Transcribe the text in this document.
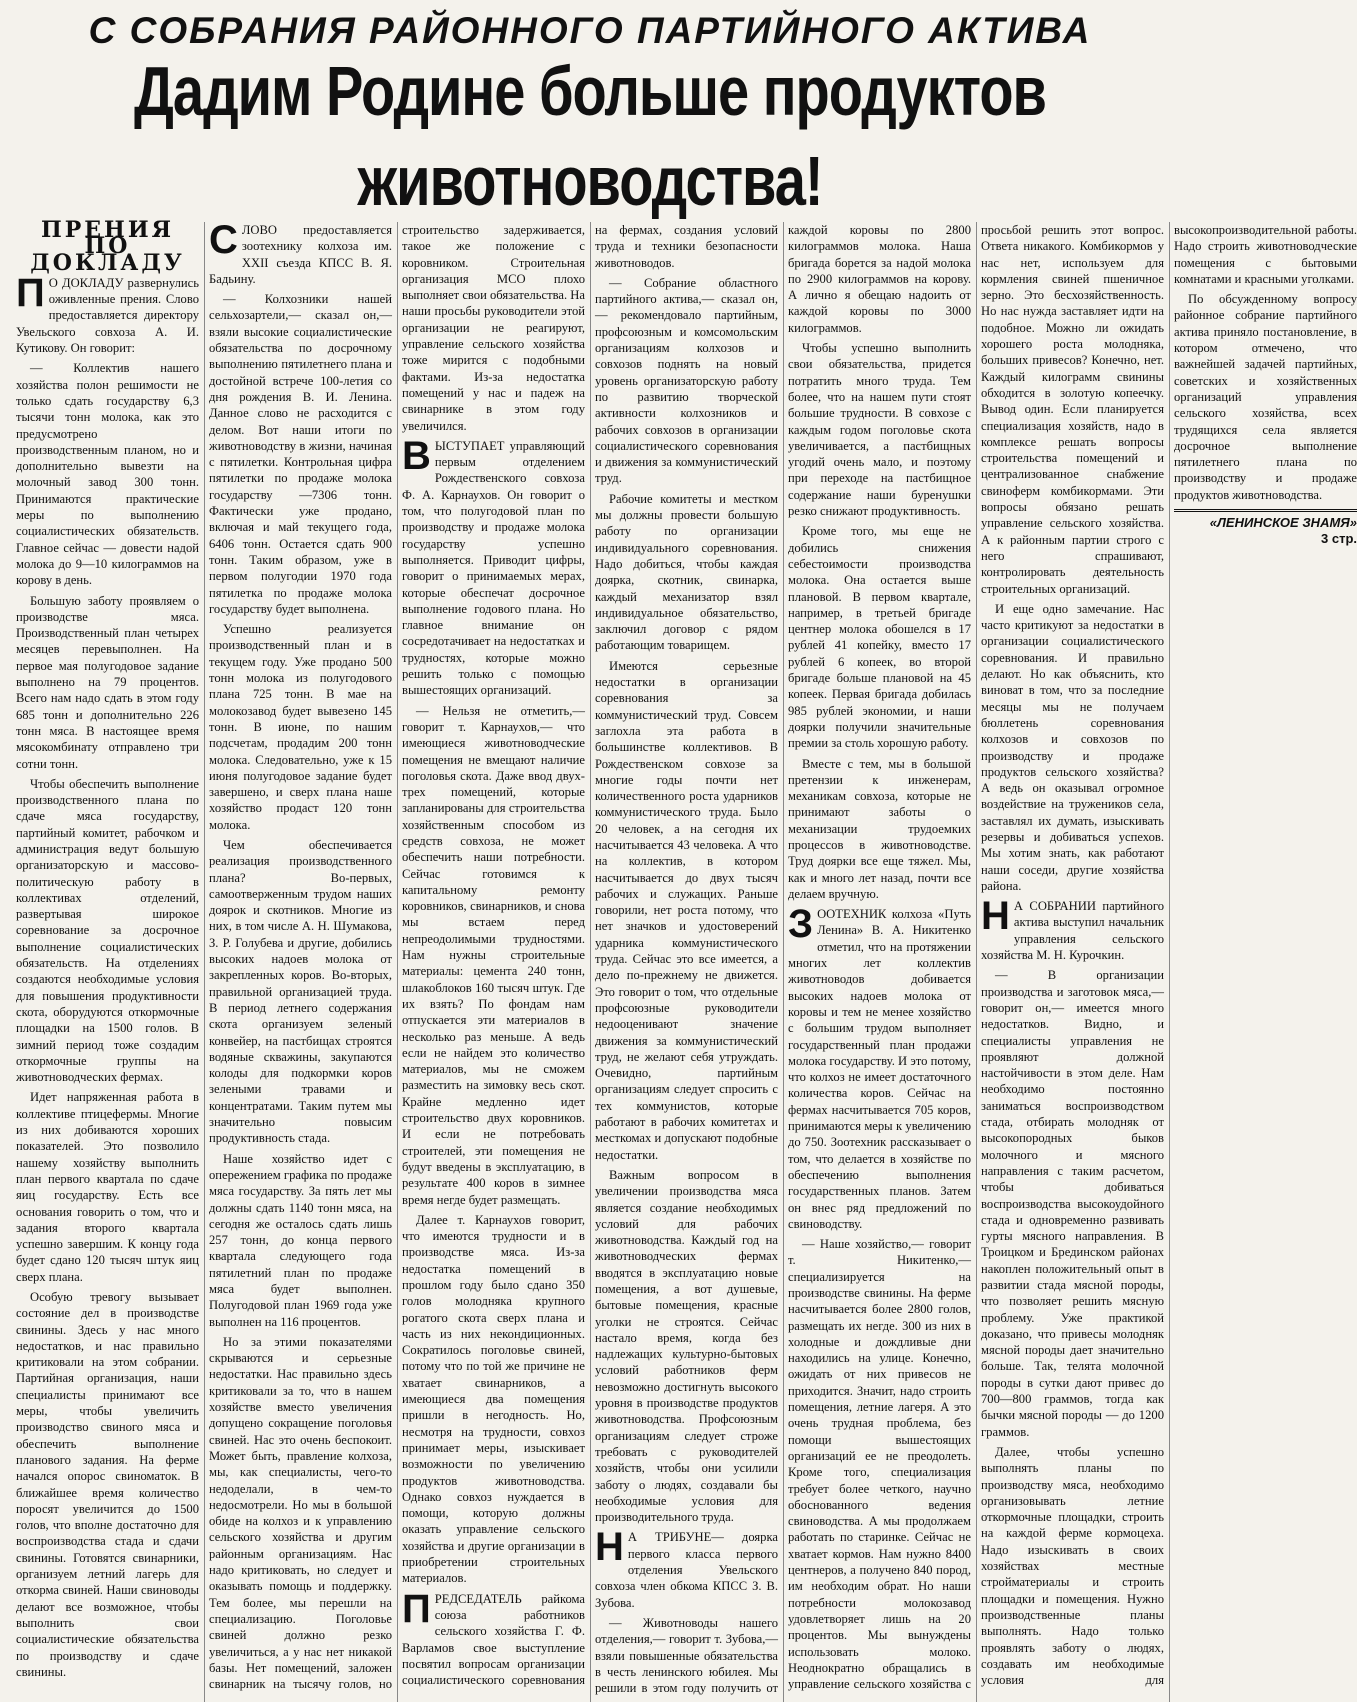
С СОБРАНИЯ РАЙОННОГО ПАРТИЙНОГО АКТИВА
Дадим Родине больше продуктов животноводства!
ПРЕНИЯ ПО ДОКЛАДУ

П О ДОКЛАДУ развернулись оживленные прения. Слово предоставляется директору Увельского совхоза А. И. Кутикову. Он говорит:

— Коллектив нашего хозяйства полон решимости не только сдать государству 6,3 тысячи тонн молока, как это предусмотрено производственным планом, но и дополнительно вывезти на молочный завод 300 тонн. Принимаются практические меры по выполнению социалистических обязательств. Главное сейчас — довести надой молока до 9—10 килограммов на корову в день.

Большую заботу проявляем о производстве мяса. Производственный план четырех месяцев перевыполнен. На первое мая полугодовое задание выполнено на 79 процентов. Всего нам надо сдать в этом году 685 тонн и дополнительно 226 тонн мяса. В настоящее время мясокомбинату отправлено три сотни тонн.

Чтобы обеспечить выполнение производственного плана по сдаче мяса государству, партийный комитет, рабочком и администрация ведут большую организаторскую и массово-политическую работу в коллективах отделений, развертывая широкое соревнование за досрочное выполнение социалистических обязательств. На отделениях создаются необходимые условия для повышения продуктивности скота, оборудуются откормочные площадки на 1500 голов. В зимний период тоже создадим откормочные группы на животноводческих фермах.

Идет напряженная работа в коллективе птицефермы. Многие из них добиваются хороших показателей. Это позволило нашему хозяйству выполнить план первого квартала по сдаче яиц государству. Есть все основания говорить о том, что и задания второго квартала успешно завершим. К концу года будет сдано 120 тысяч штук яиц сверх плана.

Особую тревогу вызывает состояние дел в производстве свинины. Здесь у нас много недостатков, и нас правильно критиковали на этом собрании. Партийная организация, наши специалисты принимают все меры, чтобы увеличить производство свиного мяса и обеспечить выполнение планового задания. На ферме начался опорос свиноматок. В ближайшее время количество поросят увеличится до 1500 голов, что вполне достаточно для воспроизводства стада и сдачи свинины. Готовятся свинарники, организуем летний лагерь для откорма свиней. Наши свиноводы делают все возможное, чтобы выполнить свои социалистические обязательства по производству и сдаче свинины.

СЛОВО предоставляется зоотехнику колхоза им. XXII съезда КПСС В. Я. Бадьину.

— Колхозники нашей сельхозартели,— сказал он,— взяли высокие социалистические обязательства по досрочному выполнению пятилетнего плана и достойной встрече 100-летия со дня рождения В. И. Ленина. Данное слово не расходится с делом. Вот наши итоги по животноводству в жизни, начиная с пятилетки. Контрольная цифра пятилетки по продаже молока государству —7306 тонн. Фактически уже продано, включая и май текущего года, 6406 тонн. Остается сдать 900 тонн. Таким образом, уже в первом полугодии 1970 года пятилетка по продаже молока государству будет выполнена.

Успешно реализуется производственный план и в текущем году. Уже продано 500 тонн молока из полугодового плана 725 тонн. В мае на молокозавод будет вывезено 145 тонн. В июне, по нашим подсчетам, продадим 200 тонн молока. Следовательно, уже к 15 июня полугодовое задание будет завершено, и сверх плана наше хозяйство продаст 120 тонн молока.

Чем обеспечивается реализация производственного плана? Во-первых, самоотверженным трудом наших доярок и скотников. Многие из них, в том числе А. Н. Шумакова, З. Р. Голубева и другие, добились высоких надоев молока от закрепленных коров. Во-вторых, правильной организацией труда. В период летнего содержания скота организуем зеленый конвейер, на пастбищах строятся водяные скважины, закупаются колоды для подкормки коров зелеными травами и концентратами. Таким путем мы значительно повысим продуктивность стада.

Наше хозяйство идет с опережением графика по продаже мяса государству. За пять лет мы должны сдать 1140 тонн мяса, на сегодня же осталось сдать лишь 257 тонн, до конца первого квартала следующего года пятилетний план по продаже мяса будет выполнен. Полугодовой план 1969 года уже выполнен на 116 процентов.

Но за этими показателями скрываются и серьезные недостатки. Нас правильно здесь критиковали за то, что в нашем хозяйстве вместо увеличения допущено сокращение поголовья свиней. Нас это очень беспокоит. Может быть, правление колхоза, мы, как специалисты, чего-то недоделали, в чем-то недосмотрели. Но мы в большой обиде на колхоз и к управлению сельского хозяйства и другим районным организациям. Нас надо критиковать, но следует и оказывать помощь и поддержку. Тем более, мы перешли на специализацию. Поголовье свиней должно резко увеличиться, а у нас нет никакой базы. Нет помещений, заложен свинарник на тысячу голов, но строительство задерживается, такое же положение с коровником. Строительная организация МСО плохо выполняет свои обязательства. На наши просьбы руководители этой организации не реагируют, управление сельского хозяйства тоже мирится с подобными фактами. Из-за недостатка помещений у нас и падеж на свинарнике в этом году увеличился.

ВЫСТУПАЕТ управляющий первым отделением Рождественского совхоза Ф. А. Карнаухов. Он говорит о том, что полугодовой план по производству и продаже молока государству успешно выполняется. Приводит цифры, говорит о принимаемых мерах, которые обеспечат досрочное выполнение годового плана. Но главное внимание он сосредотачивает на недостатках и трудностях, которые можно решить только с помощью вышестоящих организаций.

— Нельзя не отметить,— говорит т. Карнаухов,— что имеющиеся животноводческие помещения не вмещают наличие поголовья скота. Даже ввод двух-трех помещений, которые запланированы для строительства хозяйственным способом из средств совхоза, не может обеспечить наши потребности. Сейчас готовимся к капитальному ремонту коровников, свинарников, и снова мы встаем перед непреодолимыми трудностями. Нам нужны строительные материалы: цемента 240 тонн, шлакоблоков 160 тысяч штук. Где их взять? По фондам нам отпускается эти материалов в несколько раз меньше. А ведь если не найдем это количество материалов, мы не сможем разместить на зимовку весь скот. Крайне медленно идет строительство двух коровников. И если не потребовать строителей, эти помещения не будут введены в эксплуатацию, в результате 400 коров в зимнее время негде будет размещать.

Далее т. Карнаухов говорит, что имеются трудности и в производстве мяса. Из-за недостатка помещений в прошлом году было сдано 350 голов молодняка крупного рогатого скота сверх плана и часть из них некондиционных. Сократилось поголовье свиней, потому что по той же причине не хватает свинарников, а имеющиеся два помещения пришли в негодность. Но, несмотря на трудности, совхоз принимает меры, изыскивает возможности по увеличению продуктов животноводства. Однако совхоз нуждается в помощи, которую должны оказать управление сельского хозяйства и другие организации в приобретении строительных материалов.

ПРЕДСЕДАТЕЛЬ райкома союза работников сельского хозяйства Г. Ф. Варламов свое выступление посвятил вопросам организации социалистического соревнования на фермах, создания условий труда и техники безопасности животноводов.

— Собрание областного партийного актива,— сказал он,— рекомендовало партийным, профсоюзным и комсомольским организациям колхозов и совхозов поднять на новый уровень организаторскую работу по развитию творческой активности колхозников и рабочих совхозов в организации социалистического соревнования и движения за коммунистический труд.

Рабочие комитеты и местком мы должны провести большую работу по организации индивидуального соревнования. Надо добиться, чтобы каждая доярка, скотник, свинарка, каждый механизатор взял индивидуальное обязательство, заключил договор с рядом работающим товарищем.

Имеются серьезные недостатки в организации соревнования за коммунистический труд. Совсем заглохла эта работа в большинстве коллективов. В Рождественском совхозе за многие годы почти нет количественного роста ударников коммунистического труда. Было 20 человек, а на сегодня их насчитывается 43 человека. А что на коллектив, в котором насчитывается до двух тысяч рабочих и служащих. Раньше говорили, нет роста потому, что нет значков и удостоверений ударника коммунистического труда. Сейчас это все имеется, а дело по-прежнему не движется. Это говорит о том, что отдельные профсоюзные руководители недооценивают значение движения за коммунистический труд, не желают себя утруждать. Очевидно, партийным организациям следует спросить с тех коммунистов, которые работают в рабочих комитетах и месткомах и допускают подобные недостатки.

Важным вопросом в увеличении производства мяса является создание необходимых условий для рабочих животноводства. Каждый год на животноводческих фермах вводятся в эксплуатацию новые помещения, а вот душевые, бытовые помещения, красные уголки не строятся. Сейчас настало время, когда без надлежащих культурно-бытовых условий работников ферм невозможно достигнуть высокого уровня в производстве продуктов животноводства. Профсоюзным организациям следует строже требовать с руководителей хозяйств, чтобы они усилили заботу о людях, создавали бы необходимые условия для производительного труда.

Н А ТРИБУНЕ— доярка первого класса первого отделения Увельского совхоза член обкома КПСС З. В. Зубова.

— Животноводы нашего отделения,— говорит т. Зубова,— взяли повышенные обязательства в честь ленинского юбилея. Мы решили в этом году получить от каждой коровы по 2800 килограммов молока. Наша бригада борется за надой молока по 2900 килограммов на корову. А лично я обещаю надоить от каждой коровы по 3000 килограммов.

Чтобы успешно выполнить свои обязательства, придется потратить много труда. Тем более, что на нашем пути стоят большие трудности. В совхозе с каждым годом поголовье скота увеличивается, а пастбищных угодий очень мало, и поэтому при переходе на пастбищное содержание наши буренушки резко снижают продуктивность.

Кроме того, мы еще не добились снижения себестоимости производства молока. Она остается выше плановой. В первом квартале, например, в третьей бригаде центнер молока обошелся в 17 рублей 41 копейку, вместо 17 рублей 6 копеек, во второй бригаде больше плановой на 45 копеек. Первая бригада добилась 985 рублей экономии, и наши доярки получили значительные премии за столь хорошую работу.

Вместе с тем, мы в большой претензии к инженерам, механикам совхоза, которые не принимают заботы о механизации трудоемких процессов в животноводстве. Труд доярки все еще тяжел. Мы, как и много лет назад, почти все делаем вручную.

ЗООТЕХНИК колхоза «Путь Ленина» В. А. Никитенко отметил, что на протяжении многих лет коллектив животноводов добивается высоких надоев молока от коровы и тем не менее хозяйство с большим трудом выполняет государственный план продажи молока государству. И это потому, что колхоз не имеет достаточного количества коров. Сейчас на фермах насчитывается 705 коров, принимаются меры к увеличению до 750. Зоотехник рассказывает о том, что делается в хозяйстве по обеспечению выполнения государственных планов. Затем он внес ряд предложений по свиноводству.

— Наше хозяйство,— говорит т. Никитенко,— специализируется на производстве свинины. На ферме насчитывается более 2800 голов, размещать их негде. 300 из них в холодные и дождливые дни находились на улице. Конечно, ожидать от них привесов не приходится. Значит, надо строить помещения, летние лагеря. А это очень трудная проблема, без помощи вышестоящих организаций ее не преодолеть. Кроме того, специализация требует более четкого, научно обоснованного ведения свиноводства. А мы продолжаем работать по старинке. Сейчас не хватает кормов. Нам нужно 8400 центнеров, а получено 840 пород, им необходим обрат. Но наши потребности молокозавод удовлетворяет лишь на 20 процентов. Мы вынуждены использовать молоко. Неоднократно обращались в управление сельского хозяйства с просьбой решить этот вопрос. Ответа никакого. Комбикормов у нас нет, используем для кормления свиней пшеничное зерно. Это бесхозяйственность. Но нас нужда заставляет идти на подобное. Можно ли ожидать хорошего роста молодняка, больших привесов? Конечно, нет. Каждый килограмм свинины обходится в золотую копеечку. Вывод один. Если планируется специализация хозяйств, надо в комплексе решать вопросы строительства помещений и централизованное снабжение свиноферм комбикормами. Эти вопросы обязано решать управление сельского хозяйства. А к районным партии строго с него спрашивают, контролировать деятельность строительных организаций.

И еще одно замечание. Нас часто критикуют за недостатки в организации социалистического соревнования. И правильно делают. Но как объяснить, кто виноват в том, что за последние месяцы мы не получаем бюллетень соревнования колхозов и совхозов по производству и продаже продуктов сельского хозяйства? А ведь он оказывал огромное воздействие на тружеников села, заставлял их думать, изыскивать резервы и добиваться успехов. Мы хотим знать, как работают наши соседи, другие хозяйства района.

Н А СОБРАНИИ партийного актива выступил начальник управления сельского хозяйства М. Н. Курочкин.

— В организации производства и заготовок мяса,— говорит он,— имеется много недостатков. Видно, и специалисты управления не проявляют должной настойчивости в этом деле. Нам необходимо постоянно заниматься воспроизводством стада, отбирать молодняк от высокопородных быков молочного и мясного направления с таким расчетом, чтобы добиваться воспроизводства высокоудойного стада и одновременно развивать гурты мясного направления. В Троицком и Брединском районах накоплен положительный опыт в развитии стада мясной породы, что позволяет решить мясную проблему. Уже практикой доказано, что привесы молодняк мясной породы дает значительно больше. Так, телята молочной породы в сутки дают привес до 700—800 граммов, тогда как бычки мясной породы — до 1200 граммов.

Далее, чтобы успешно выполнять планы по производству мяса, необходимо организовывать летние откормочные площадки, строить на каждой ферме кормоцеха. Надо изыскивать в своих хозяйствах местные стройматериалы и строить площадки и помещения. Нужно производственные планы выполнять. Надо только проявлять заботу о людях, создавать им необходимые условия для высокопроизводительной работы. Надо строить животноводческие помещения с бытовыми комнатами и красными уголками.

По обсужденному вопросу районное собрание партийного актива приняло постановление, в котором отмечено, что важнейшей задачей партийных, советских и хозяйственных организаций управления сельского хозяйства, всех трудящихся села является досрочное выполнение пятилетнего плана по производству и продаже продуктов животноводства.

«ЛЕНИНСКОЕ ЗНАМЯ»
3 стр.
